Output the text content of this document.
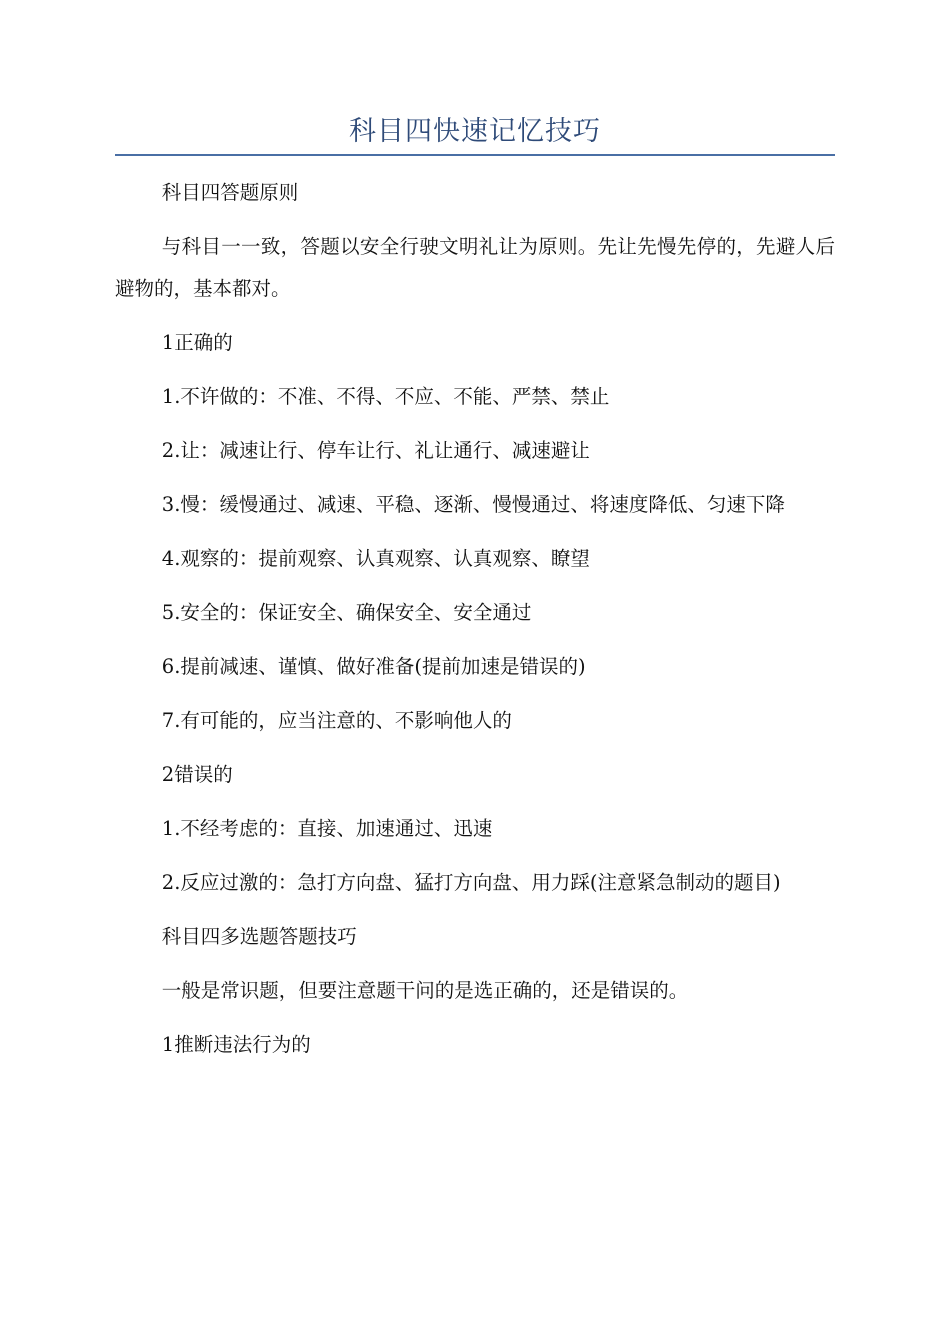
科目四快速记忆技巧

科目四答题原则

与科目一一致，答题以安全行驶文明礼让为原则。先让先慢先停的，先避人后避物的，基本都对。

1正确的

1.不许做的：不准、不得、不应、不能、严禁、禁止

2.让：减速让行、停车让行、礼让通行、减速避让

3.慢：缓慢通过、减速、平稳、逐渐、慢慢通过、将速度降低、匀速下降

4.观察的：提前观察、认真观察、认真观察、瞭望

5.安全的：保证安全、确保安全、安全通过

6.提前减速、谨慎、做好准备(提前加速是错误的)

7.有可能的，应当注意的、不影响他人的

2错误的

1.不经考虑的：直接、加速通过、迅速

2.反应过激的：急打方向盘、猛打方向盘、用力踩(注意紧急制动的题目)

科目四多选题答题技巧

一般是常识题，但要注意题干问的是选正确的，还是错误的。

1推断违法行为的
